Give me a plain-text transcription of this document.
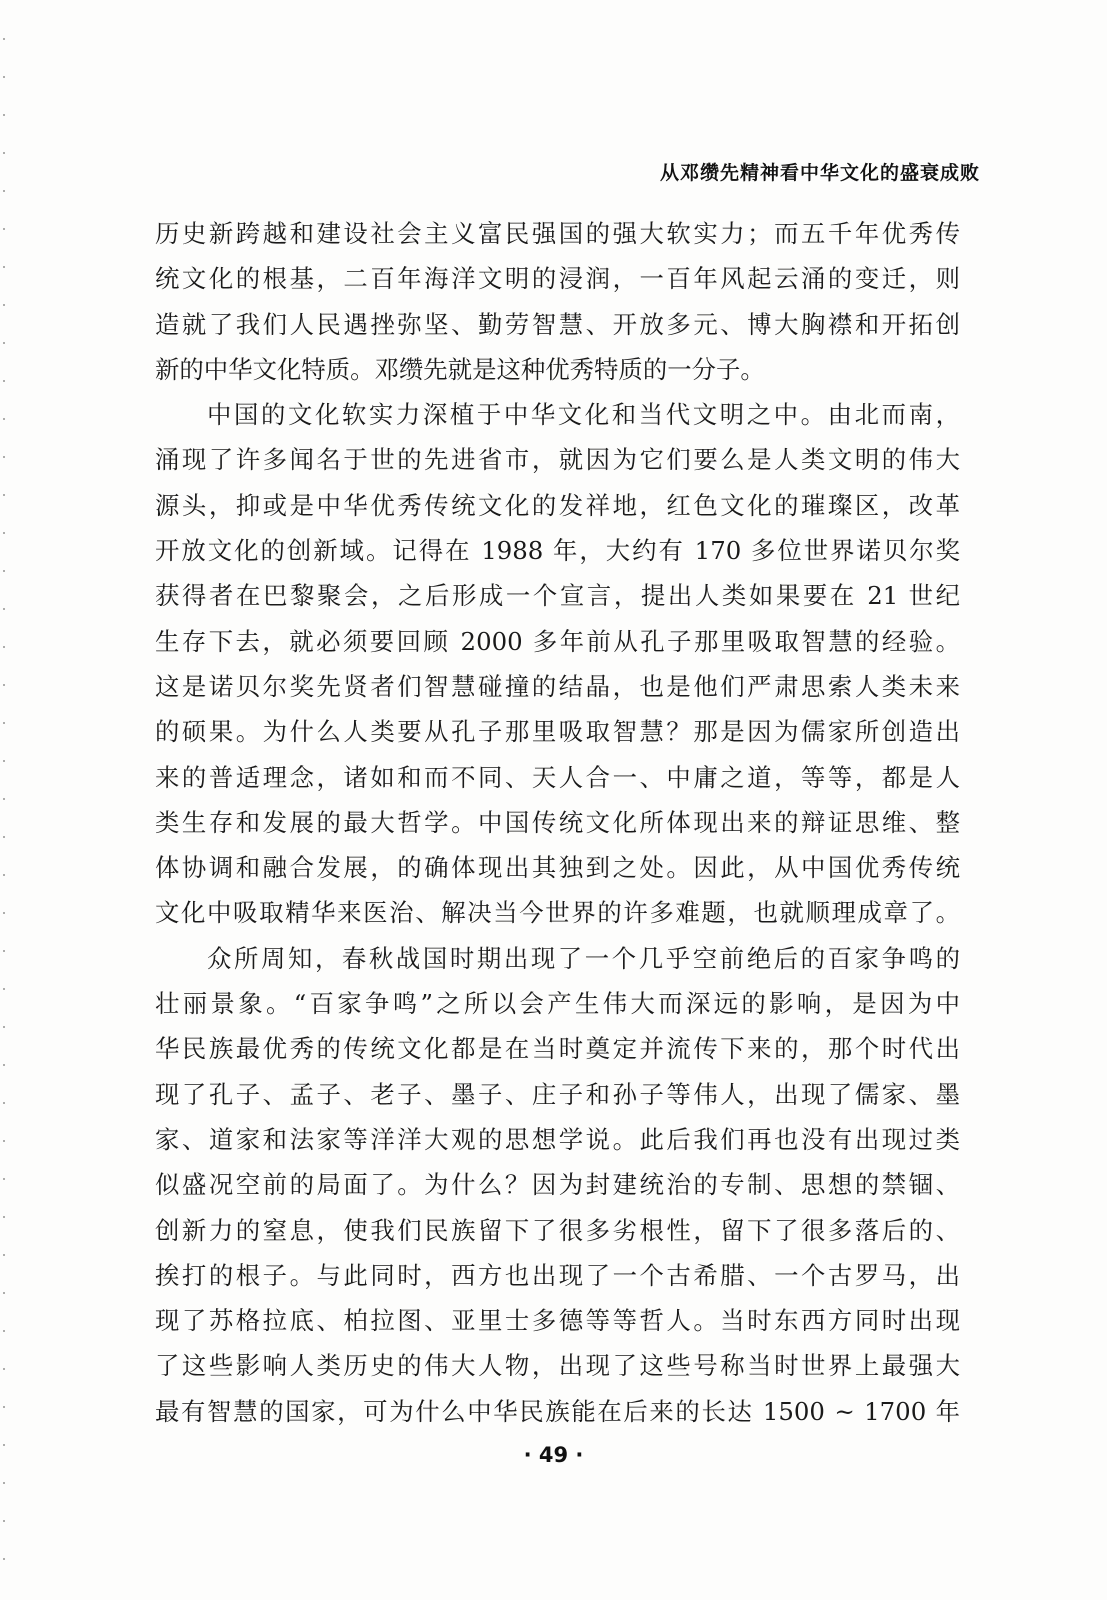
从邓缵先精神看中华文化的盛衰成败
历史新跨越和建设社会主义富民强国的强大软实力；而五千年优秀传
统文化的根基，二百年海洋文明的浸润，一百年风起云涌的变迁，则
造就了我们人民遇挫弥坚、勤劳智慧、开放多元、博大胸襟和开拓创
新的中华文化特质。邓缵先就是这种优秀特质的一分子。
中国的文化软实力深植于中华文化和当代文明之中。由北而南，
涌现了许多闻名于世的先进省市，就因为它们要么是人类文明的伟大
源头，抑或是中华优秀传统文化的发祥地，红色文化的璀璨区，改革
开放文化的创新域。记得在 1988 年，大约有 170 多位世界诺贝尔奖
获得者在巴黎聚会，之后形成一个宣言，提出人类如果要在 21 世纪
生存下去，就必须要回顾 2000 多年前从孔子那里吸取智慧的经验。
这是诺贝尔奖先贤者们智慧碰撞的结晶，也是他们严肃思索人类未来
的硕果。为什么人类要从孔子那里吸取智慧？那是因为儒家所创造出
来的普适理念，诸如和而不同、天人合一、中庸之道，等等，都是人
类生存和发展的最大哲学。中国传统文化所体现出来的辩证思维、整
体协调和融合发展，的确体现出其独到之处。因此，从中国优秀传统
文化中吸取精华来医治、解决当今世界的许多难题，也就顺理成章了。
众所周知，春秋战国时期出现了一个几乎空前绝后的百家争鸣的
壮丽景象。“百家争鸣”之所以会产生伟大而深远的影响，是因为中
华民族最优秀的传统文化都是在当时奠定并流传下来的，那个时代出
现了孔子、孟子、老子、墨子、庄子和孙子等伟人，出现了儒家、墨
家、道家和法家等洋洋大观的思想学说。此后我们再也没有出现过类
似盛况空前的局面了。为什么？因为封建统治的专制、思想的禁锢、
创新力的窒息，使我们民族留下了很多劣根性，留下了很多落后的、
挨打的根子。与此同时，西方也出现了一个古希腊、一个古罗马，出
现了苏格拉底、柏拉图、亚里士多德等等哲人。当时东西方同时出现
了这些影响人类历史的伟大人物，出现了这些号称当时世界上最强大
最有智慧的国家，可为什么中华民族能在后来的长达 1500 ~ 1700 年
· 49 ·
